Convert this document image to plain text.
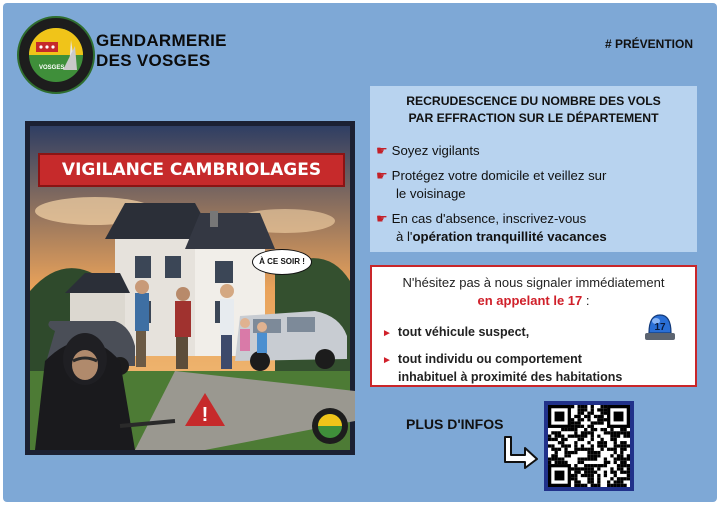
VOSGES
GENDARMERIE
DES VOSGES
# PRÉVENTION
!
VIGILANCE CAMBRIOLAGES
À CE SOIR !
RECRUDESCENCE DU NOMBRE DES VOLS
PAR EFFRACTION SUR LE DÉPARTEMENT
☛ Soyez vigilants
☛ Protégez votre domicile et veillez sur
le voisinage
☛ En cas d'absence, inscrivez-vous
à l'opération tranquillité vacances
N'hésitez pas à nous signaler immédiatement
en appelant le 17 :
► tout véhicule suspect,
► tout individu ou comportement
inhabituel à proximité des habitations
17
PLUS D'INFOS
